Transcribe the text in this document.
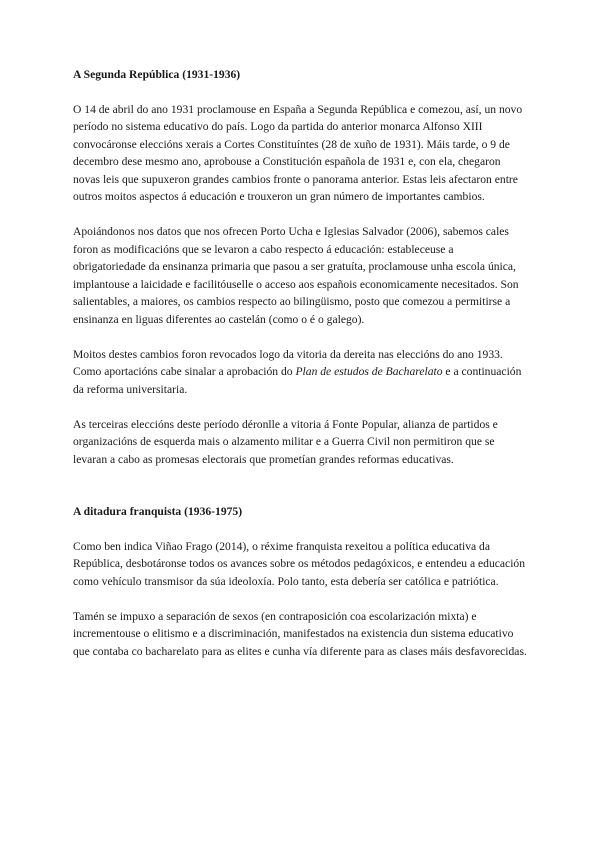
A Segunda República (1931-1936)

O 14 de abril do ano 1931 proclamouse en España a Segunda República e comezou, así, un novo período no sistema educativo do país. Logo da partida do anterior monarca Alfonso XIII convocáronse eleccións xerais a Cortes Constituíntes (28 de xuño de 1931). Máis tarde, o 9 de decembro dese mesmo ano, aprobouse a Constitución española de 1931 e, con ela, chegaron novas leis que supuxeron grandes cambios fronte o panorama anterior. Estas leis afectaron entre outros moitos aspectos á educación e trouxeron un gran número de importantes cambios.

Apoiándonos nos datos que nos ofrecen Porto Ucha e Iglesias Salvador (2006), sabemos cales foron as modificacións que se levaron a cabo respecto á educación: estableceuse a obrigatoriedade da ensinanza primaria que pasou a ser gratuíta, proclamouse unha escola única, implantouse a laicidade e facilitóuselle o acceso aos españois economicamente necesitados. Son salientables, a maiores, os cambios respecto ao bilingüismo, posto que comezou a permitirse a ensinanza en liguas diferentes ao castelán (como o é o galego).

Moitos destes cambios foron revocados logo da vitoria da dereita nas eleccións do ano 1933. Como aportacións cabe sinalar a aprobación do Plan de estudos de Bacharelato e a continuación da reforma universitaria.

As terceiras eleccións deste período déronlle a vitoria á Fonte Popular, alianza de partidos e organizacións de esquerda mais o alzamento militar e a Guerra Civil non permitiron que se levaran a cabo as promesas electorais que prometían grandes reformas educativas.

A ditadura franquista (1936-1975)

Como ben indica Viñao Frago (2014), o réxime franquista rexeitou a política educativa da República, desbotáronse todos os avances sobre os métodos pedagóxicos, e entendeu a educación como vehículo transmisor da súa ideoloxía. Polo tanto, esta debería ser católica e patriótica.

Tamén se impuxo a separación de sexos (en contraposición coa escolarización mixta) e incrementouse o elitismo e a discriminación, manifestados na existencia dun sistema educativo que contaba co bacharelato para as elites e cunha vía diferente para as clases máis desfavorecidas.
